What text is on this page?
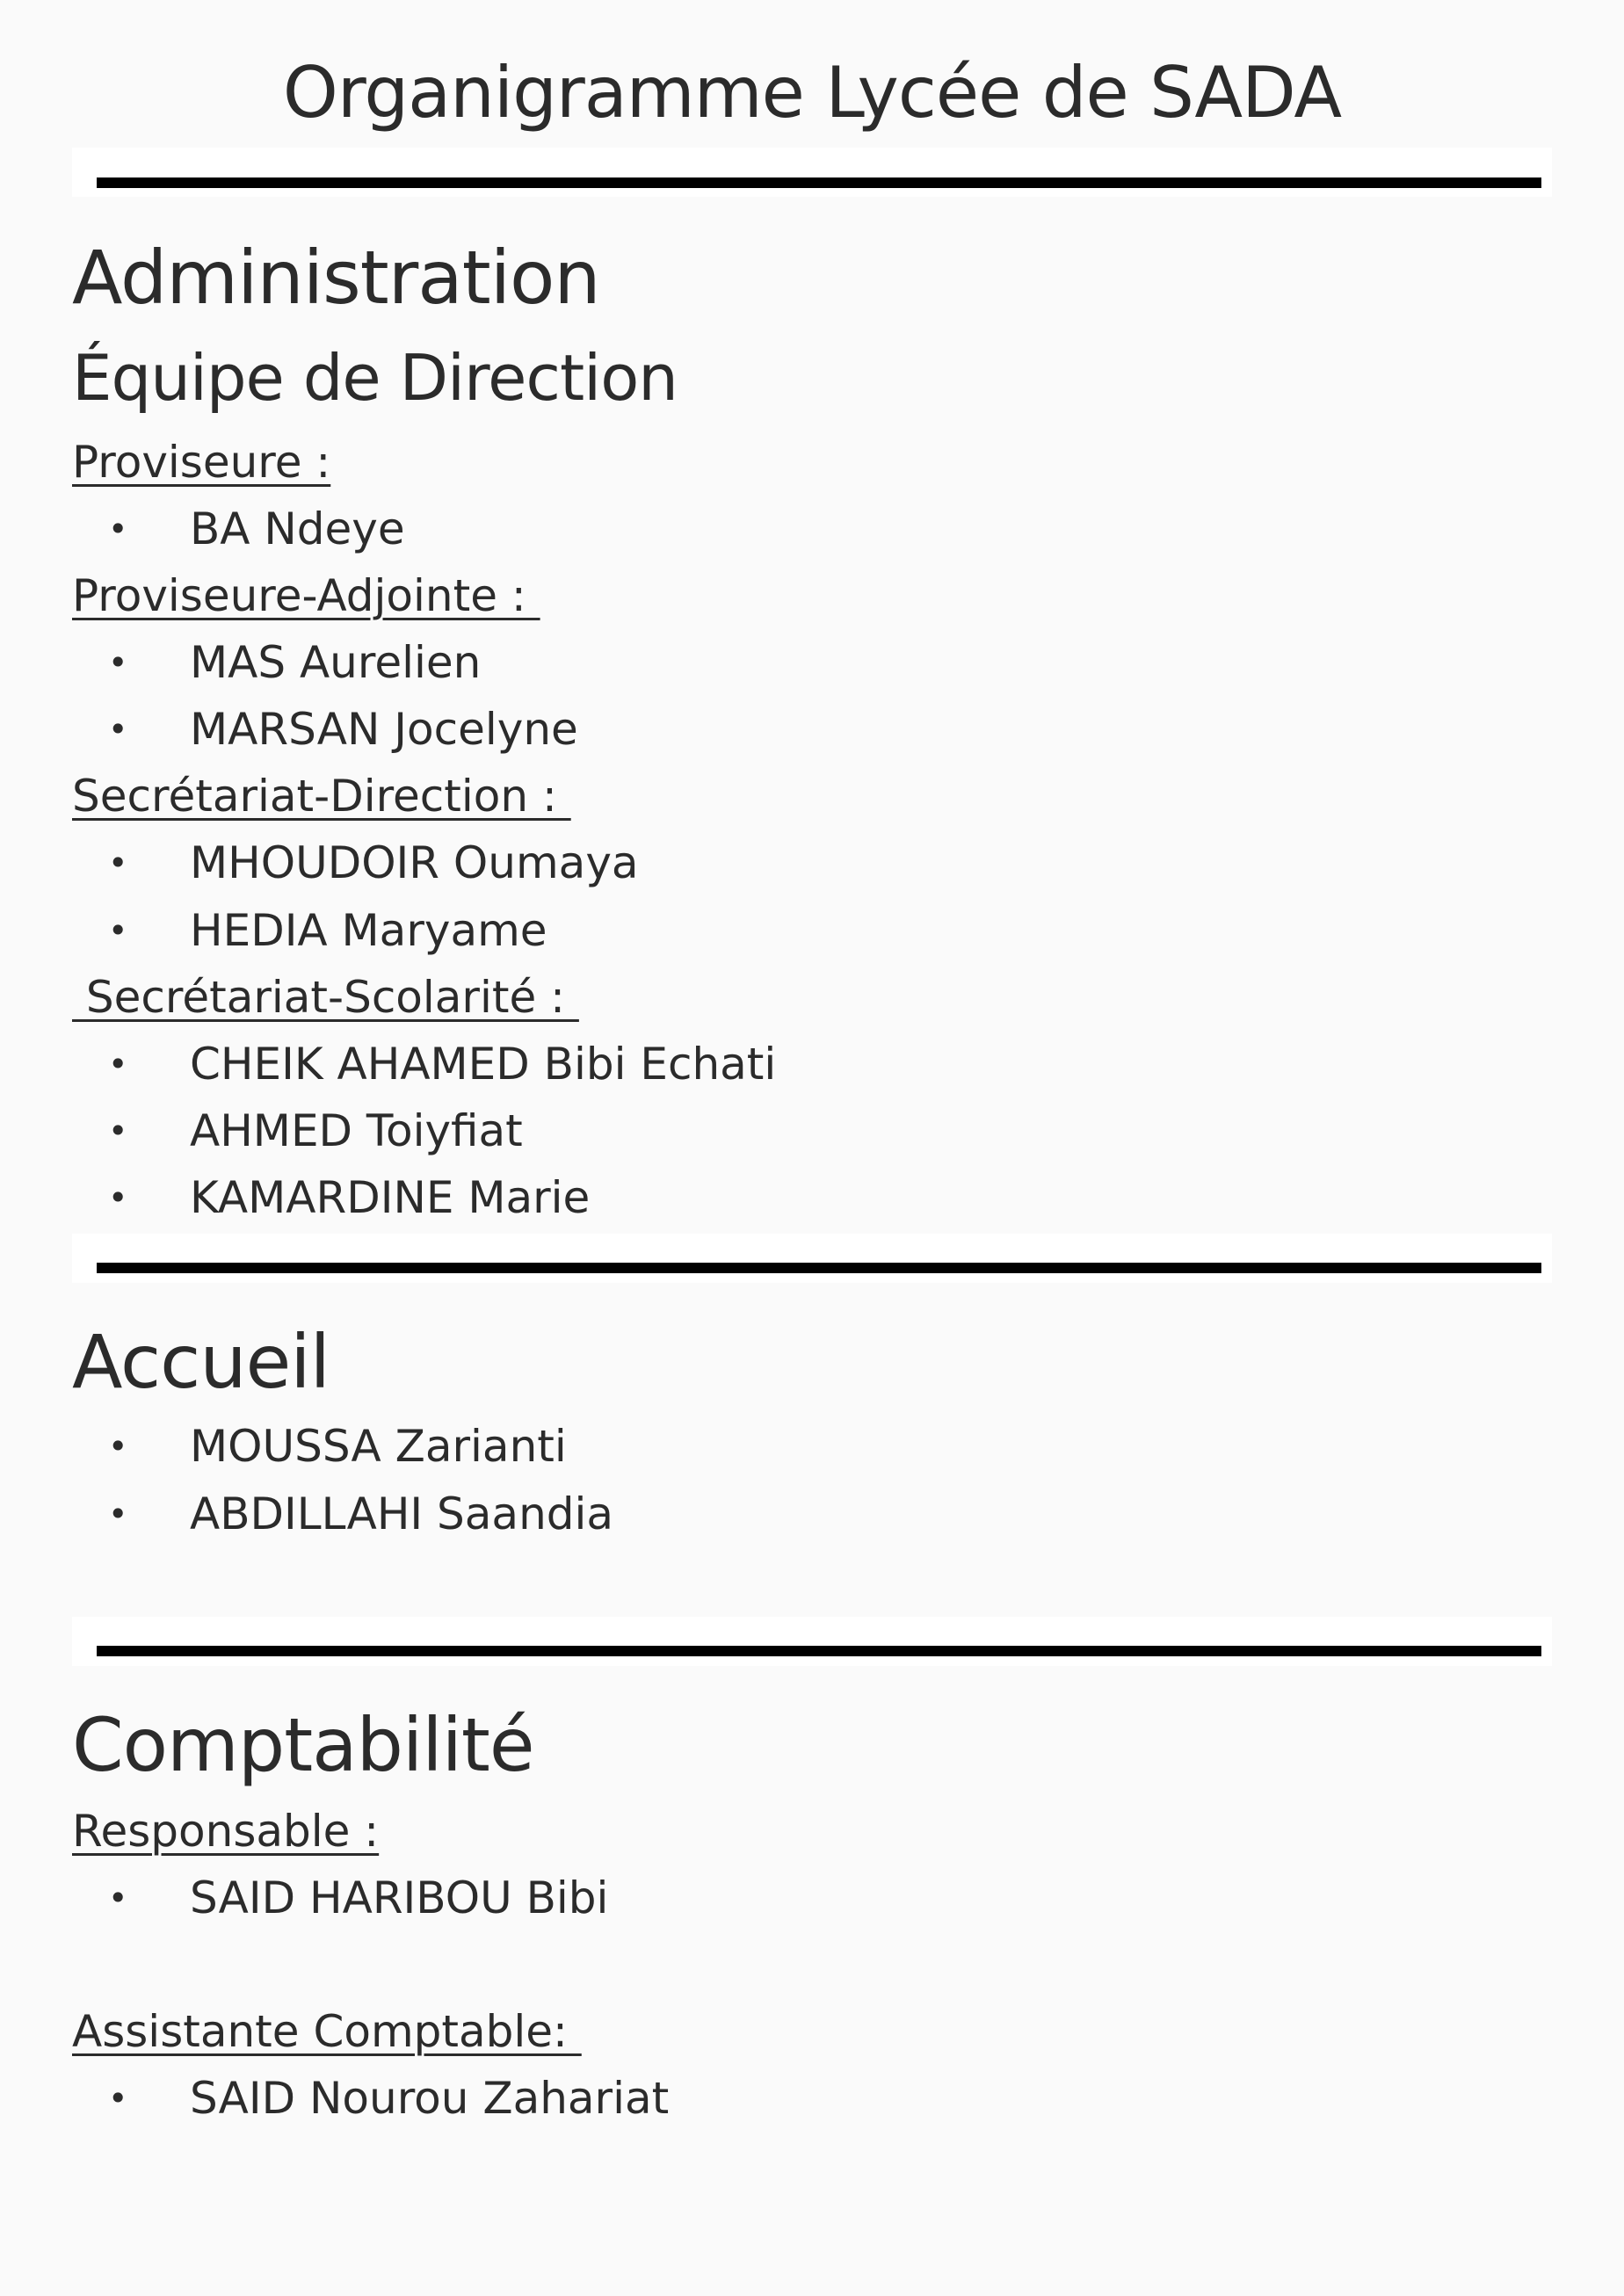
Organigramme Lycée de SADA
Administration
Équipe de Direction
Proviseure :
• BA Ndeye
Proviseure-Adjointe :
• MAS Aurelien
• MARSAN Jocelyne
Secrétariat-Direction :
• MHOUDOIR Oumaya
• HEDIA Maryame
Secrétariat-Scolarité :
• CHEIK AHAMED Bibi Echati
• AHMED Toiyfiat
• KAMARDINE Marie
Accueil
• MOUSSA Zarianti
• ABDILLAHI Saandia
Comptabilité
Responsable :
• SAID HARIBOU Bibi
Assistante Comptable:
• SAID Nourou Zahariat
